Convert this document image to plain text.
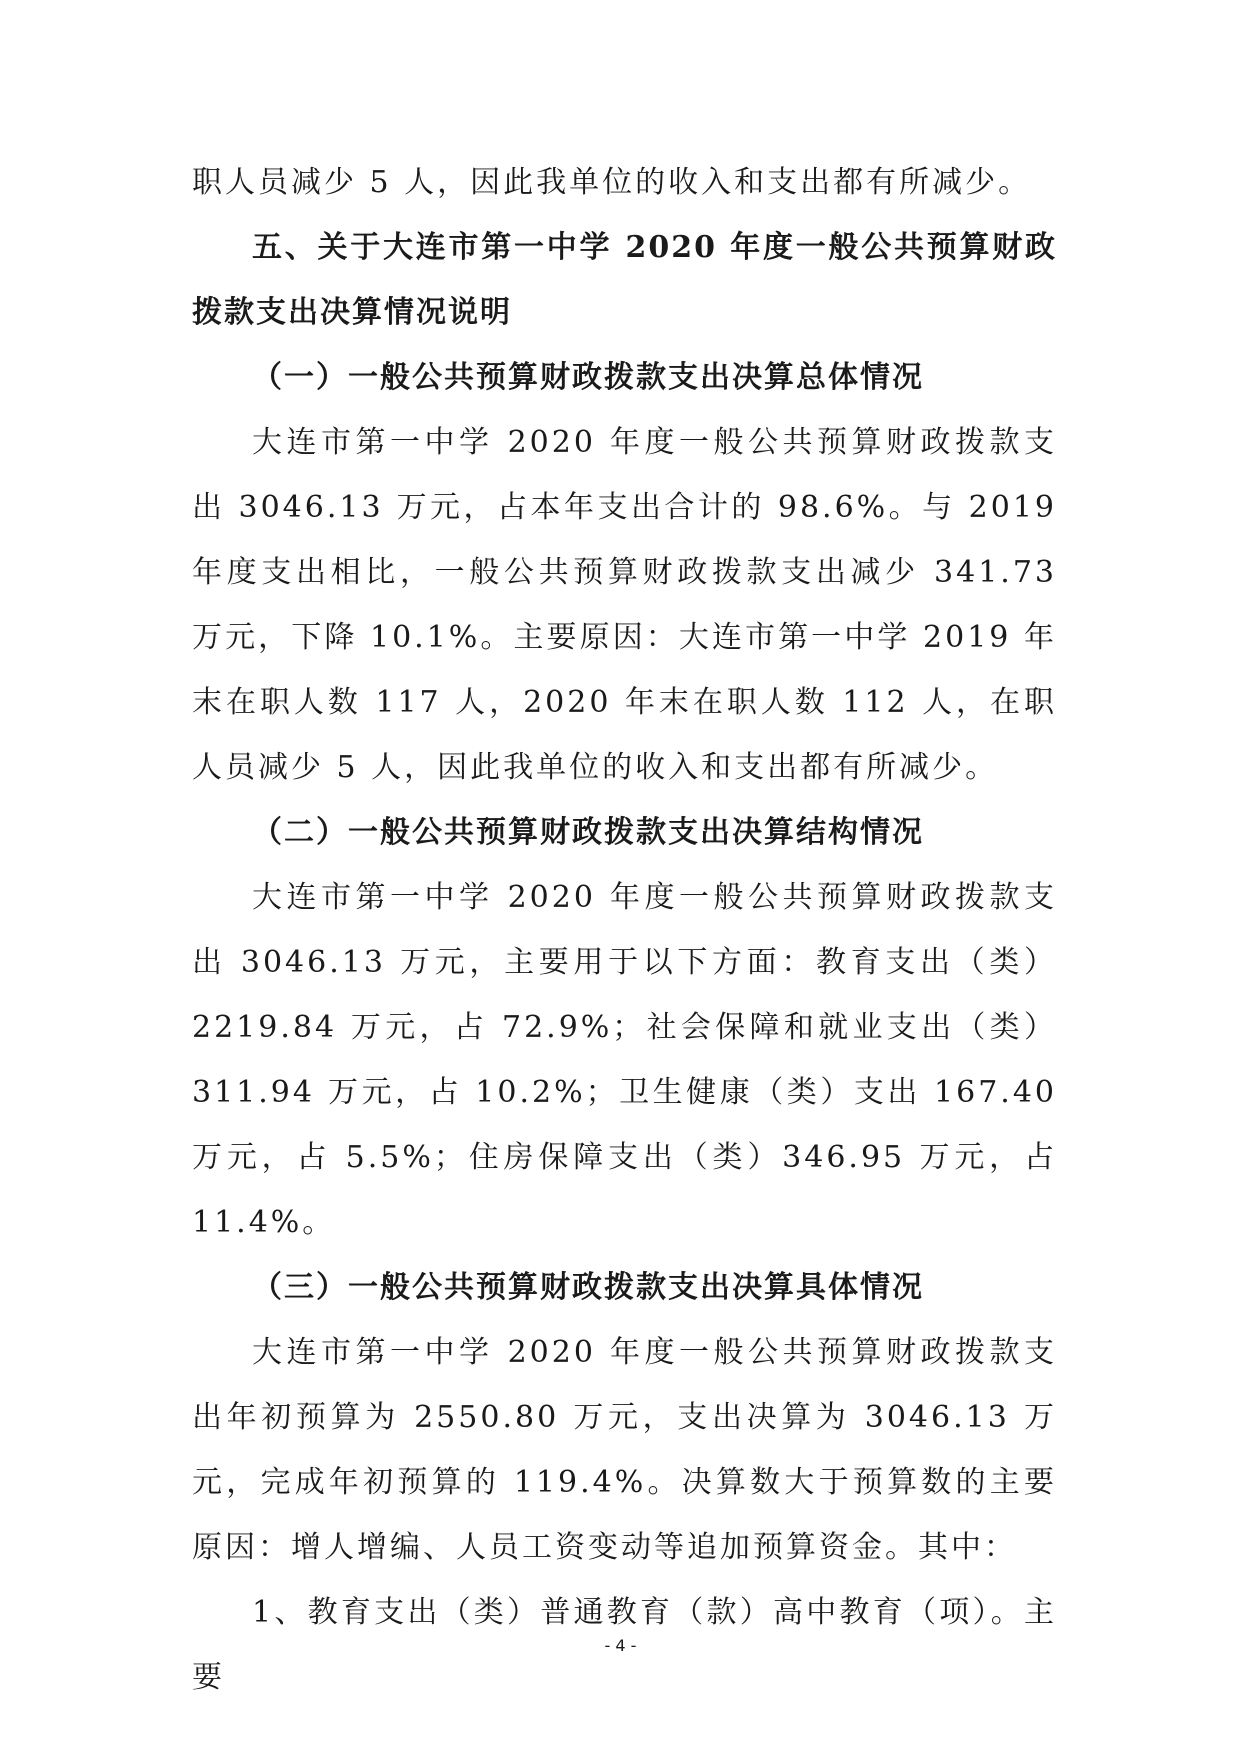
职人员减少 5 人，因此我单位的收入和支出都有所减少。

五、关于大连市第一中学 2020 年度一般公共预算财政拨款支出决算情况说明

（一）一般公共预算财政拨款支出决算总体情况

大连市第一中学 2020 年度一般公共预算财政拨款支出 3046.13 万元，占本年支出合计的 98.6%。与 2019 年度支出相比，一般公共预算财政拨款支出减少 341.73 万元，下降 10.1%。主要原因：大连市第一中学 2019 年末在职人数 117 人，2020 年末在职人数 112 人，在职人员减少 5 人，因此我单位的收入和支出都有所减少。

（二）一般公共预算财政拨款支出决算结构情况

大连市第一中学 2020 年度一般公共预算财政拨款支出 3046.13 万元，主要用于以下方面：教育支出（类）2219.84 万元，占 72.9%；社会保障和就业支出（类）311.94 万元，占 10.2%；卫生健康（类）支出 167.40 万元，占 5.5%；住房保障支出（类）346.95 万元，占 11.4%。

（三）一般公共预算财政拨款支出决算具体情况

大连市第一中学 2020 年度一般公共预算财政拨款支出年初预算为 2550.80 万元，支出决算为 3046.13 万元，完成年初预算的 119.4%。决算数大于预算数的主要原因：增人增编、人员工资变动等追加预算资金。其中：

1、教育支出（类）普通教育（款）高中教育（项）。主要

- 4 -
